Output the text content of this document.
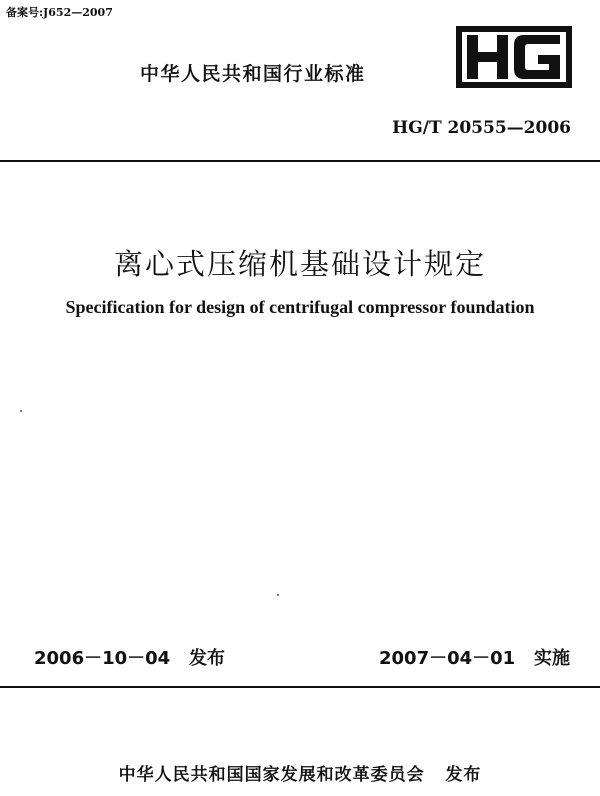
备案号:J652—2007
中华人民共和国行业标准
HG/T 20555—2006
离心式压缩机基础设计规定
Specification for design of centrifugal compressor foundation
2006－10－04   发布	2007－04－01   实施
中华人民共和国国家发展和改革委员会   发布
